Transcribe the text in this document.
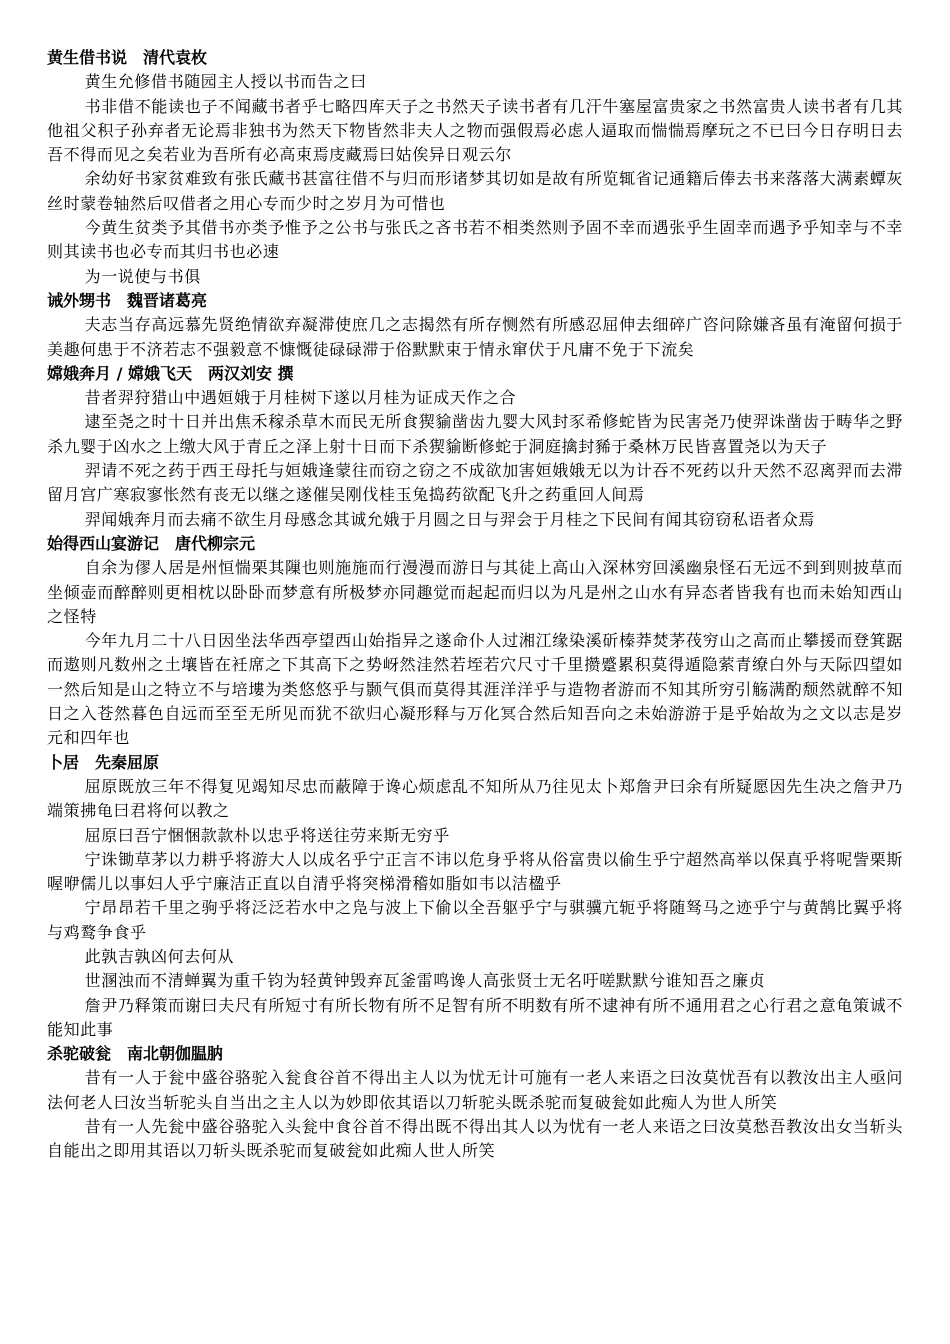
黄生借书说　清代袁枚

黄生允修借书随园主人授以书而告之曰

书非借不能读也子不闻藏书者乎七略四库天子之书然天子读书者有几汗牛塞屋富贵家之书然富贵人读书者有几其他祖父积子孙弃者无论焉非独书为然天下物皆然非夫人之物而强假焉必虑人逼取而惴惴焉摩玩之不已曰今日存明日去吾不得而见之矣若业为吾所有必高束焉庋藏焉曰姑俟异日观云尔

余幼好书家贫难致有张氏藏书甚富往借不与归而形诸梦其切如是故有所览辄省记通籍后俸去书来落落大满素蟫灰丝时蒙卷轴然后叹借者之用心专而少时之岁月为可惜也

今黄生贫类予其借书亦类予惟予之公书与张氏之吝书若不相类然则予固不幸而遇张乎生固幸而遇予乎知幸与不幸则其读书也必专而其归书也必速

为一说使与书俱

诫外甥书　魏晋诸葛亮

夫志当存高远慕先贤绝情欲弃凝滞使庶几之志揭然有所存恻然有所感忍屈伸去细碎广咨问除嫌吝虽有淹留何损于美趣何患于不济若志不强毅意不慷慨徒碌碌滞于俗默默束于情永窜伏于凡庸不免于下流矣

嫦娥奔月 / 嫦娥飞天　两汉刘安 撰

昔者羿狩猎山中遇姮娥于月桂树下遂以月桂为证成天作之合

逮至尧之时十日并出焦禾稼杀草木而民无所食猰貐凿齿九婴大风封豕希修蛇皆为民害尧乃使羿诛凿齿于畴华之野杀九婴于凶水之上缴大风于青丘之泽上射十日而下杀猰貐断修蛇于洞庭擒封豨于桑林万民皆喜置尧以为天子

羿请不死之药于西王母托与姮娥逢蒙往而窃之窃之不成欲加害姮娥娥无以为计吞不死药以升天然不忍离羿而去滞留月宫广寒寂寥怅然有丧无以继之遂催吴刚伐桂玉兔捣药欲配飞升之药重回人间焉

羿闻娥奔月而去痛不欲生月母感念其诚允娥于月圆之日与羿会于月桂之下民间有闻其窃窃私语者众焉

始得西山宴游记　唐代柳宗元

自余为僇人居是州恒惴栗其隟也则施施而行漫漫而游日与其徒上高山入深林穷回溪幽泉怪石无远不到到则披草而坐倾壶而醉醉则更相枕以卧卧而梦意有所极梦亦同趣觉而起起而归以为凡是州之山水有异态者皆我有也而未始知西山之怪特

今年九月二十八日因坐法华西亭望西山始指异之遂命仆人过湘江缘染溪斫榛莽焚茅茷穷山之高而止攀援而登箕踞而遨则凡数州之土壤皆在衽席之下其高下之势岈然洼然若垤若穴尺寸千里攒蹙累积莫得遁隐萦青缭白外与天际四望如一然后知是山之特立不与培塿为类悠悠乎与颢气俱而莫得其涯洋洋乎与造物者游而不知其所穷引觞满酌颓然就醉不知日之入苍然暮色自远而至至无所见而犹不欲归心凝形释与万化冥合然后知吾向之未始游游于是乎始故为之文以志是岁元和四年也

卜居　先秦屈原

屈原既放三年不得复见竭知尽忠而蔽障于谗心烦虑乱不知所从乃往见太卜郑詹尹曰余有所疑愿因先生决之詹尹乃端策拂龟曰君将何以教之

屈原曰吾宁悃悃款款朴以忠乎将送往劳来斯无穷乎

宁诛锄草茅以力耕乎将游大人以成名乎宁正言不讳以危身乎将从俗富贵以偷生乎宁超然高举以保真乎将呢訾栗斯喔咿儒儿以事妇人乎宁廉洁正直以自清乎将突梯滑稽如脂如韦以洁楹乎

宁昂昂若千里之驹乎将泛泛若水中之凫与波上下偷以全吾躯乎宁与骐骥亢轭乎将随驽马之迹乎宁与黄鹄比翼乎将与鸡鹜争食乎

此孰吉孰凶何去何从

世溷浊而不清蝉翼为重千钧为轻黄钟毁弃瓦釜雷鸣谗人高张贤士无名吁嗟默默兮谁知吾之廉贞

詹尹乃释策而谢曰夫尺有所短寸有所长物有所不足智有所不明数有所不逮神有所不通用君之心行君之意龟策诚不能知此事

杀驼破瓮　南北朝伽腽肭

昔有一人于瓮中盛谷骆驼入瓮食谷首不得出主人以为忧无计可施有一老人来语之曰汝莫忧吾有以教汝出主人亟问法何老人曰汝当斩驼头自当出之主人以为妙即依其语以刀斩驼头既杀驼而复破瓮如此痴人为世人所笑

昔有一人先瓮中盛谷骆驼入头瓮中食谷首不得出既不得出其人以为忧有一老人来语之曰汝莫愁吾教汝出女当斩头自能出之即用其语以刀斩头既杀驼而复破瓮如此痴人世人所笑
